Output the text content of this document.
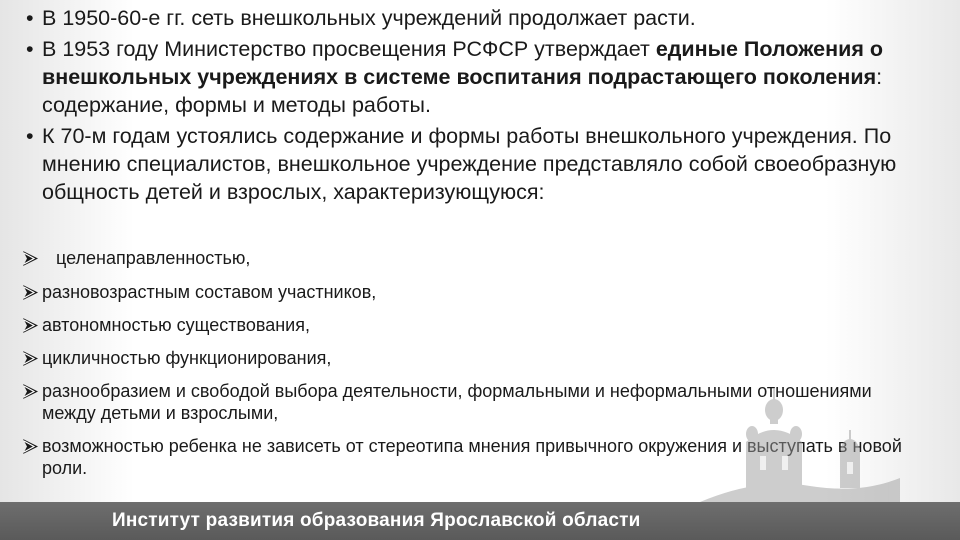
• В 1950-60-е гг. сеть внешкольных учреждений продолжает расти.
• В 1953 году Министерство просвещения РСФСР утверждает единые Положения о внешкольных учреждениях в системе воспитания подрастающего поколения: содержание, формы и методы работы.
• К 70-м годам устоялись содержание и формы работы внешкольного учреждения. По мнению специалистов, внешкольное учреждение представляло собой своеобразную общность детей и взрослых, характеризующуюся:
целенаправленностью,
разновозрастным составом участников,
автономностью существования,
цикличностью функционирования,
разнообразием и свободой выбора деятельности, формальными и неформальными отношениями между детьми и взрослыми,
возможностью ребенка не зависеть от стереотипа мнения привычного окружения и выступать в новой роли.
Институт развития образования Ярославской области
